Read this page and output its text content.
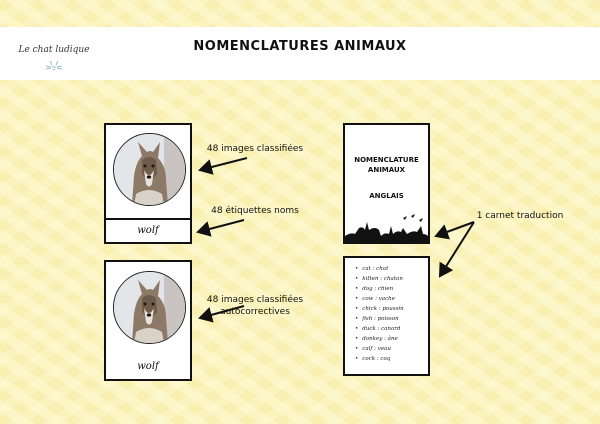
Le chat ludique	NOMENCLATURES ANIMAUX
wolf
wolf
NOMENCLATURE
ANIMAUX
ANGLAIS
• cat : chat
• kitten : chaton
• dog : chien
• cow : vache
• chick : poussin
• fish : poisson
• duck : canard
• donkey : âne
• calf : veau
• cock : coq
48 images classifiées
48 étiquettes noms
48 images classifiées
autocorrectives
1 carnet traduction
